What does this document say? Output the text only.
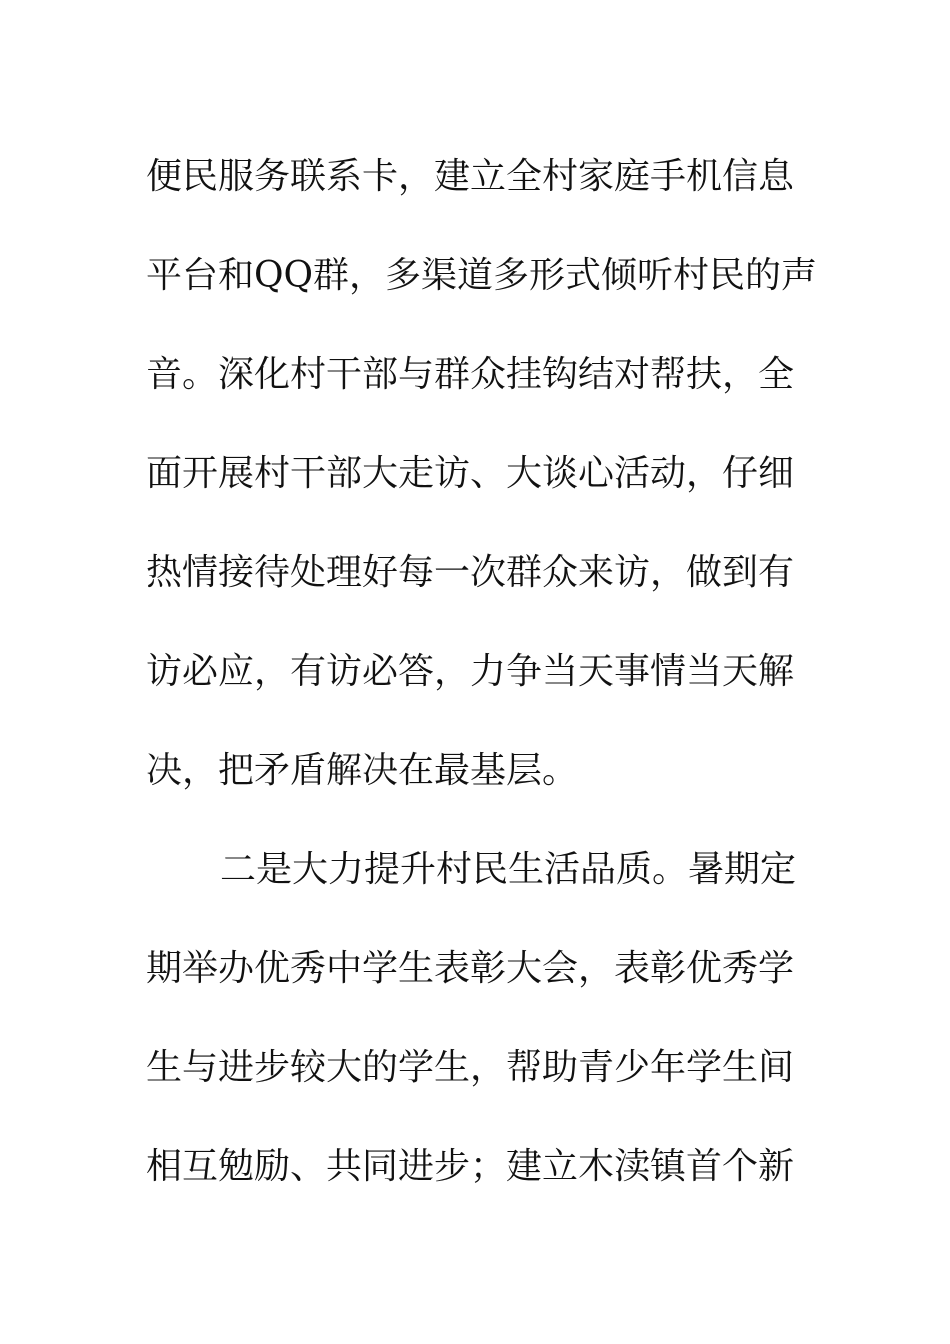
便民服务联系卡，建立全村家庭手机信息
平台和QQ群，多渠道多形式倾听村民的声
音。深化村干部与群众挂钩结对帮扶，全
面开展村干部大走访、大谈心活动，仔细
热情接待处理好每一次群众来访，做到有
访必应，有访必答，力争当天事情当天解
决，把矛盾解决在最基层。
二是大力提升村民生活品质。暑期定
期举办优秀中学生表彰大会，表彰优秀学
生与进步较大的学生，帮助青少年学生间
相互勉励、共同进步；建立木渎镇首个新
